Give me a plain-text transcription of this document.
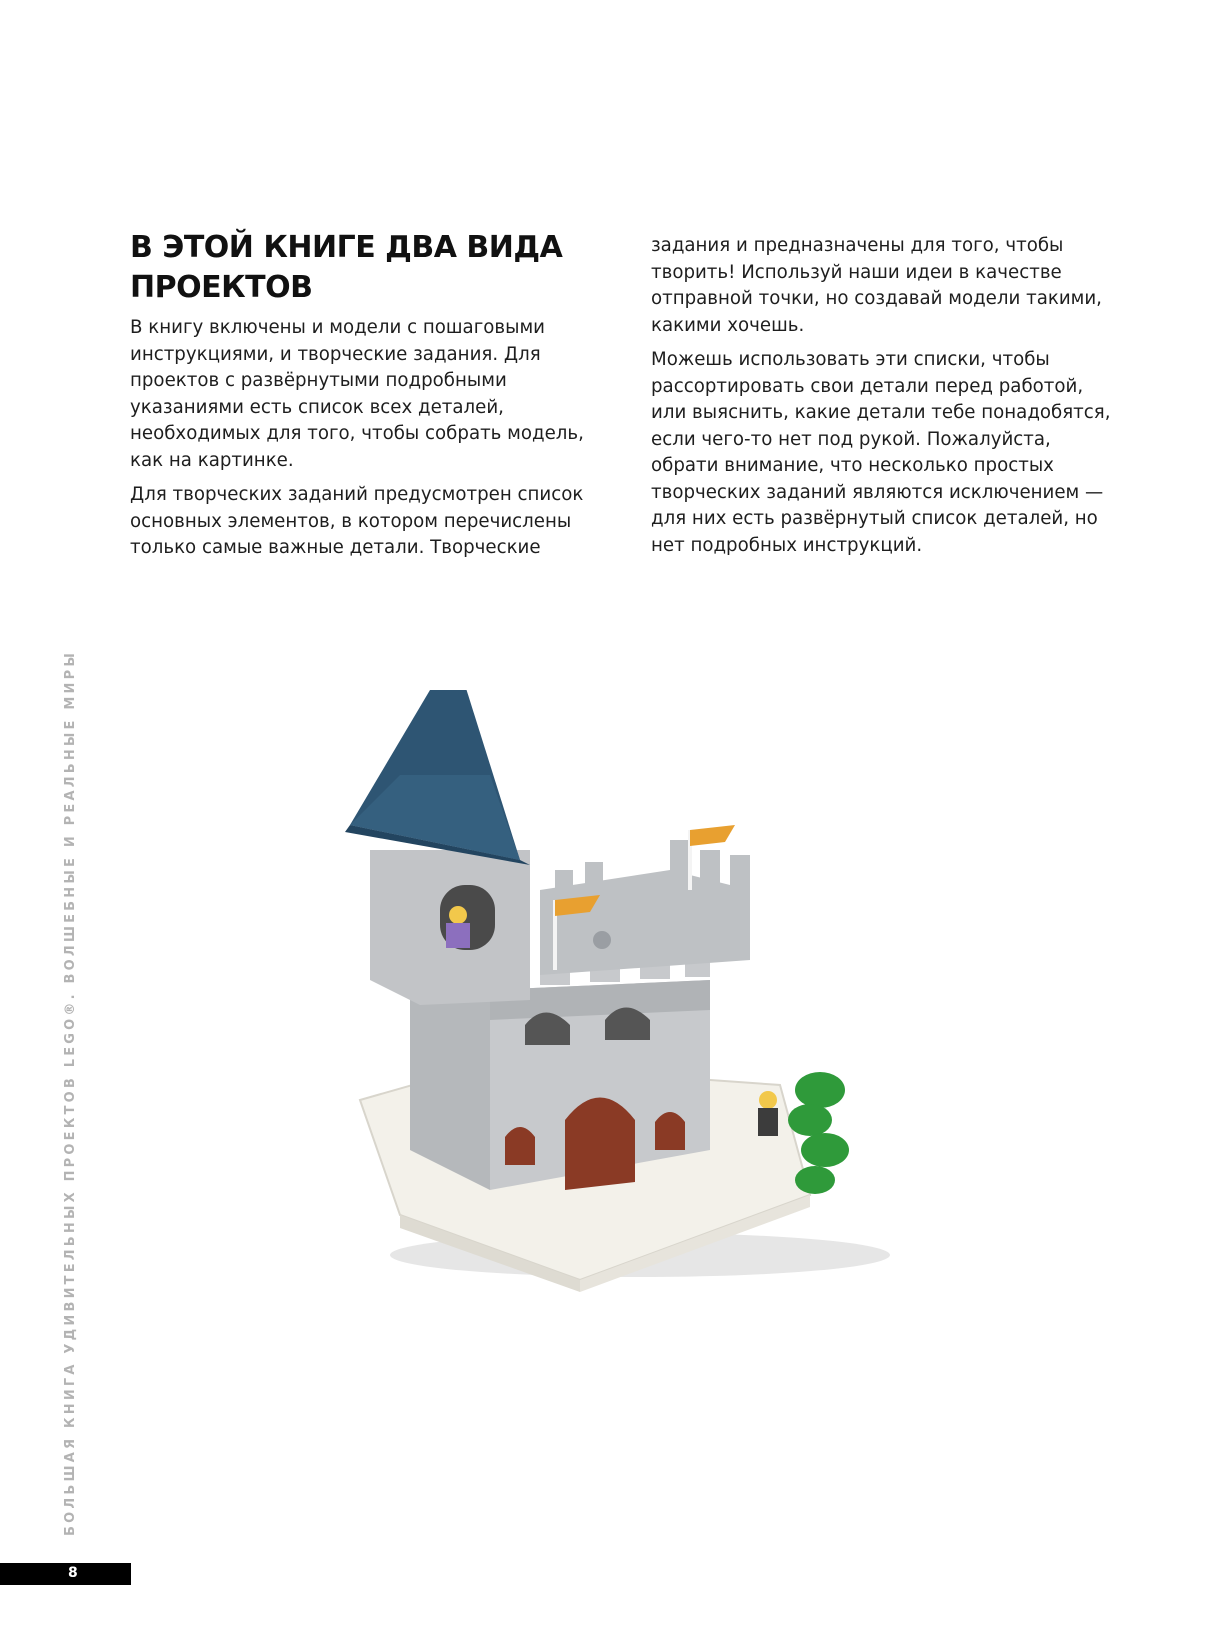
В ЭТОЙ КНИГЕ ДВА ВИДА ПРОЕКТОВ

В книгу включены и модели с пошаговыми инструкциями, и творческие задания. Для проектов с развёрнутыми подробными указаниями есть список всех деталей, необходимых для того, чтобы собрать модель, как на картинке.

Для творческих заданий предусмотрен список основных элементов, в котором перечислены только самые важные детали. Творческие

задания и предназначены для того, чтобы творить! Используй наши идеи в качестве отправной точки, но создавай модели такими, какими хочешь.

Можешь использовать эти списки, чтобы рассортировать свои детали перед работой, или выяснить, какие детали тебе понадобятся, если чего-то нет под рукой. Пожалуйста, обрати внимание, что несколько простых творческих заданий являются исключением — для них есть развёрнутый список деталей, но нет подробных инструкций.

БОЛЬШАЯ КНИГА УДИВИТЕЛЬНЫХ ПРОЕКТОВ LEGO®. ВОЛШЕБНЫЕ И РЕАЛЬНЫЕ МИРЫ
8
